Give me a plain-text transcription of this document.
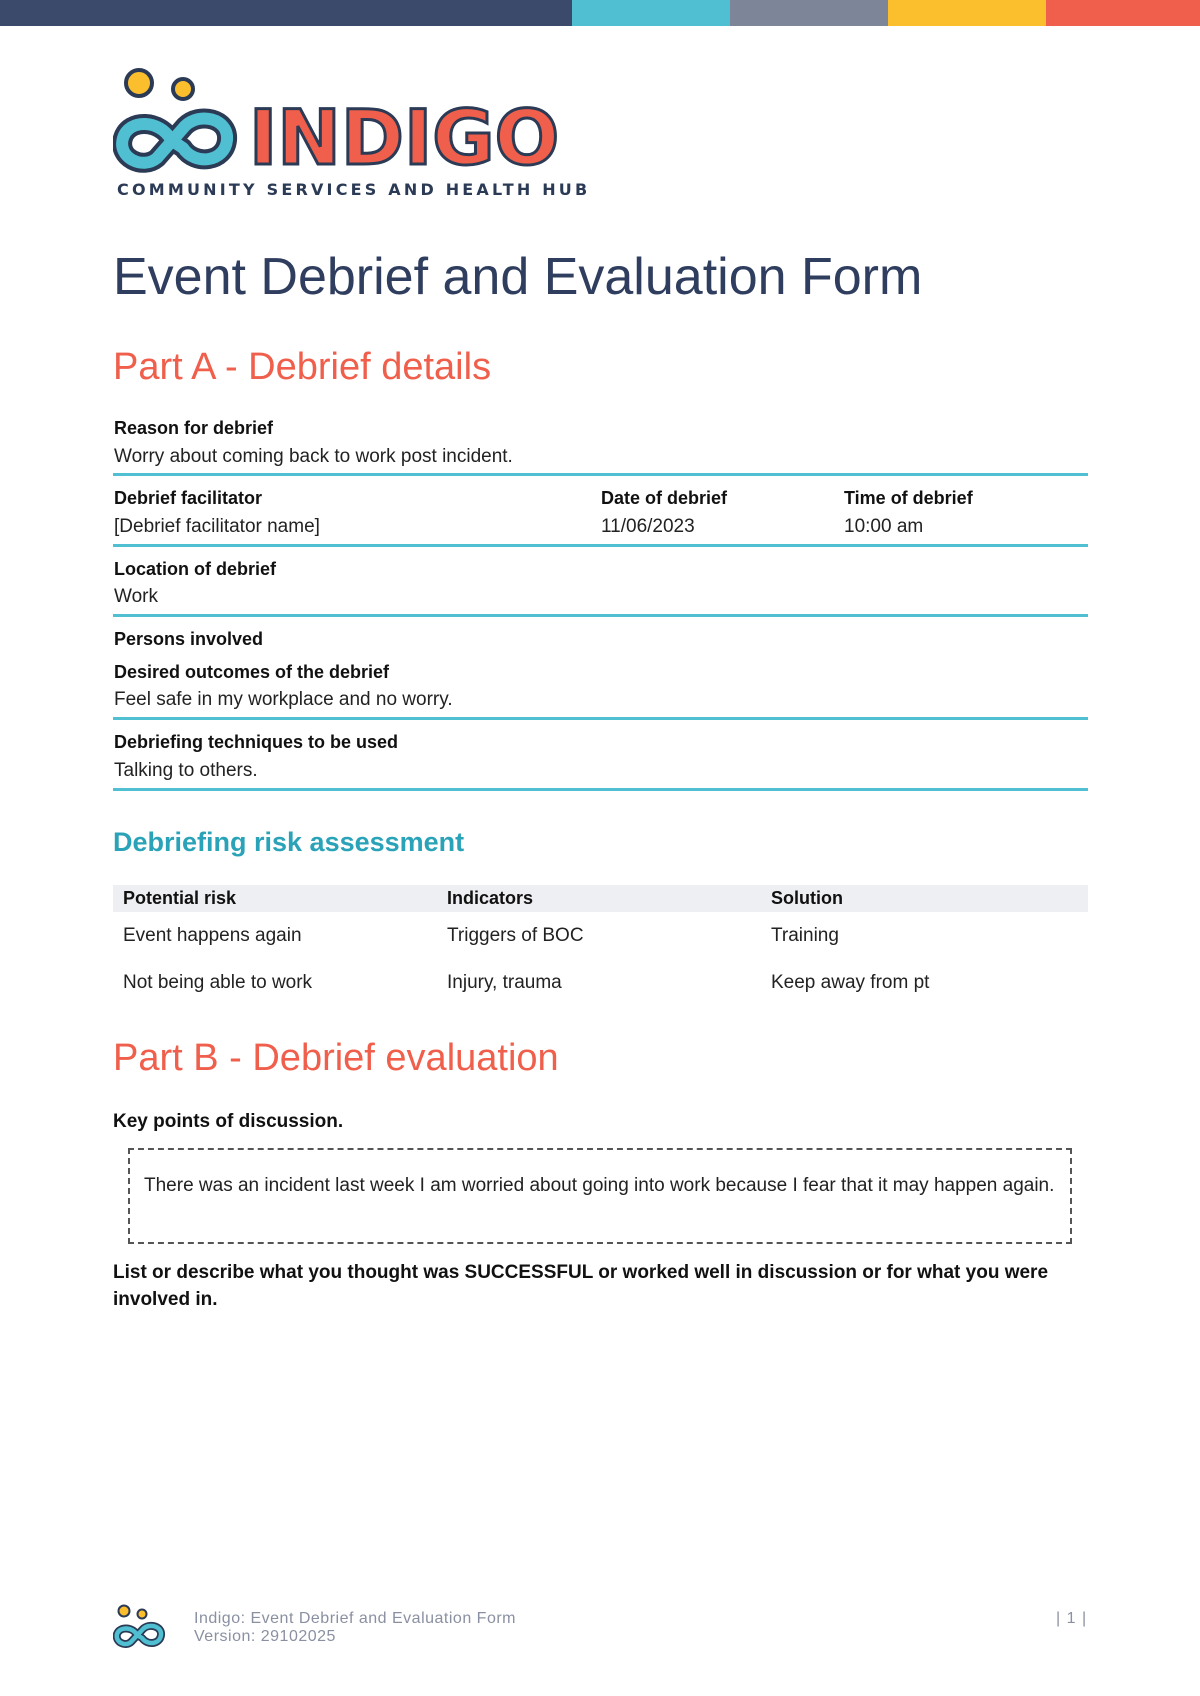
INDIGO
COMMUNITY SERVICES AND HEALTH HUB
Event Debrief and Evaluation Form
Part A - Debrief details
Reason for debrief
Worry about coming back to work post incident.
Debrief facilitator
[Debrief facilitator name]
Date of debrief
11/06/2023
Time of debrief
10:00 am
Location of debrief
Work
Persons involved
Desired outcomes of the debrief
Feel safe in my workplace and no worry.
Debriefing techniques to be used
Talking to others.
Debriefing risk assessment
Potential risk	Indicators	Solution
Event happens again	Triggers of BOC	Training
Not being able to work	Injury, trauma	Keep away from pt
Part B - Debrief evaluation
Key points of discussion.
There was an incident last week I am worried about going into work because I fear that it may happen again.
List or describe what you thought was SUCCESSFUL or worked well in discussion or for what you were involved in.
Indigo: Event Debrief and Evaluation Form
Version: 29102025
| 1 |
